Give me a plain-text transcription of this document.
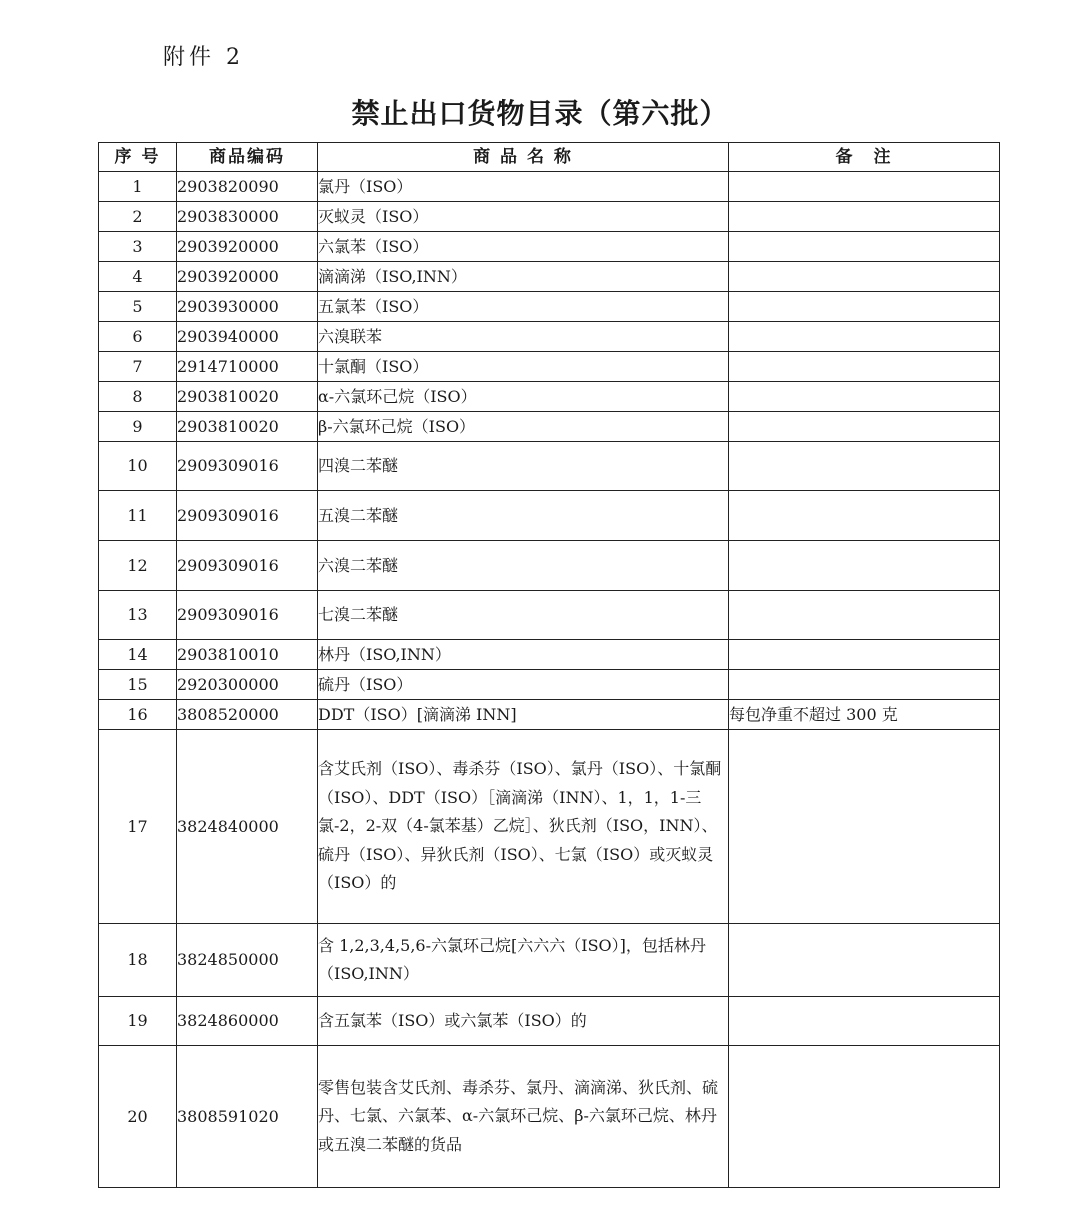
附件 2
禁止出口货物目录（第六批）
序 号	商品编码	商 品 名 称	备　注
1	2903820090	氯丹（ISO）	
2	2903830000	灭蚁灵（ISO）	
3	2903920000	六氯苯（ISO）	
4	2903920000	滴滴涕（ISO,INN）	
5	2903930000	五氯苯（ISO）	
6	2903940000	六溴联苯	
7	2914710000	十氯酮（ISO）	
8	2903810020	α-六氯环己烷（ISO）	
9	2903810020	β-六氯环己烷（ISO）	
10	2909309016	四溴二苯醚	
11	2909309016	五溴二苯醚	
12	2909309016	六溴二苯醚	
13	2909309016	七溴二苯醚	
14	2903810010	林丹（ISO,INN）	
15	2920300000	硫丹（ISO）	
16	3808520000	DDT（ISO）[滴滴涕 INN]	每包净重不超过 300 克
17	3824840000	含艾氏剂（ISO）、毒杀芬（ISO）、氯丹（ISO）、十氯酮（ISO）、DDT（ISO）［滴滴涕（INN）、1，1，1-三氯-2，2-双（4-氯苯基）乙烷］、狄氏剂（ISO，INN）、硫丹（ISO）、异狄氏剂（ISO）、七氯（ISO）或灭蚁灵（ISO）的	

18	3824850000	含 1,2,3,4,5,6-六氯环己烷[六六六（ISO）]，包括林丹（ISO,INN）	

19	3824860000	含五氯苯（ISO）或六氯苯（ISO）的	
20	3808591020	零售包装含艾氏剂、毒杀芬、氯丹、滴滴涕、狄氏剂、硫丹、七氯、六氯苯、α-六氯环己烷、β-六氯环己烷、林丹或五溴二苯醚的货品	
